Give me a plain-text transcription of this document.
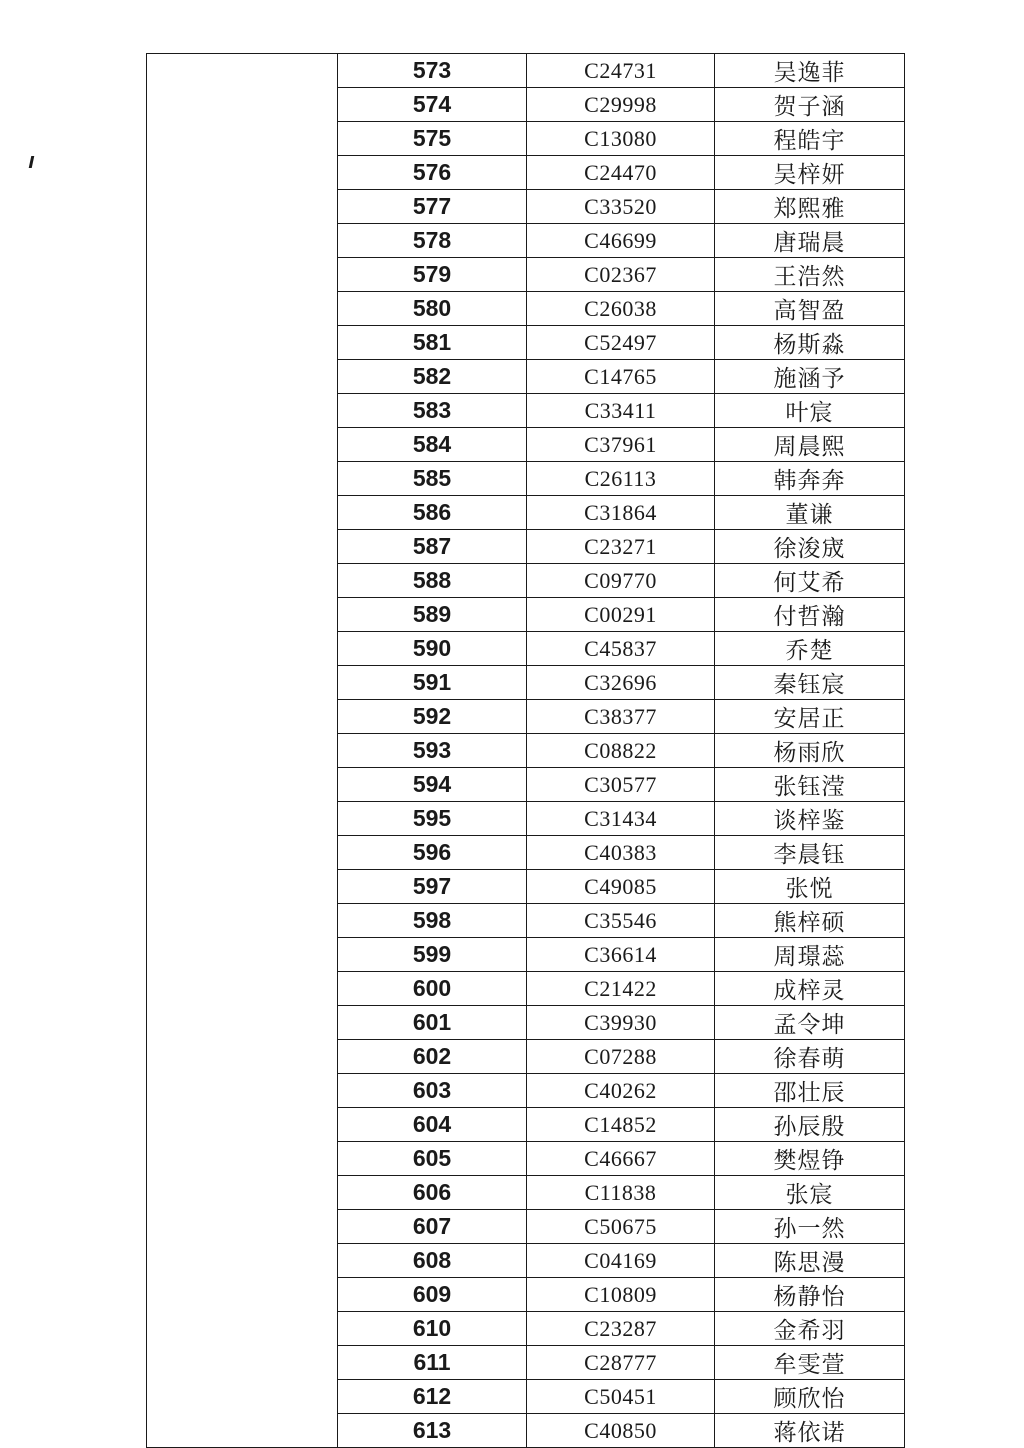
	573	C24731	吴逸菲
	574	C29998	贺子涵
	575	C13080	程皓宇
	576	C24470	吴梓妍
	577	C33520	郑熙雅
	578	C46699	唐瑞晨
	579	C02367	王浩然
	580	C26038	高智盈
	581	C52497	杨斯淼
	582	C14765	施涵予
	583	C33411	叶宸
	584	C37961	周晨熙
	585	C26113	韩奔奔
	586	C31864	董谦
	587	C23271	徐浚宬
	588	C09770	何艾希
	589	C00291	付哲瀚
	590	C45837	乔楚
	591	C32696	秦钰宸
	592	C38377	安居正
	593	C08822	杨雨欣
	594	C30577	张钰滢
	595	C31434	谈梓鉴
	596	C40383	李晨钰
	597	C49085	张悦
	598	C35546	熊梓硕
	599	C36614	周璟蕊
	600	C21422	成梓灵
	601	C39930	孟令坤
	602	C07288	徐春萌
	603	C40262	邵壮辰
	604	C14852	孙辰殷
	605	C46667	樊煜铮
	606	C11838	张宸
	607	C50675	孙一然
	608	C04169	陈思漫
	609	C10809	杨静怡
	610	C23287	金希羽
	611	C28777	牟雯萱
	612	C50451	顾欣怡
	613	C40850	蒋依诺
